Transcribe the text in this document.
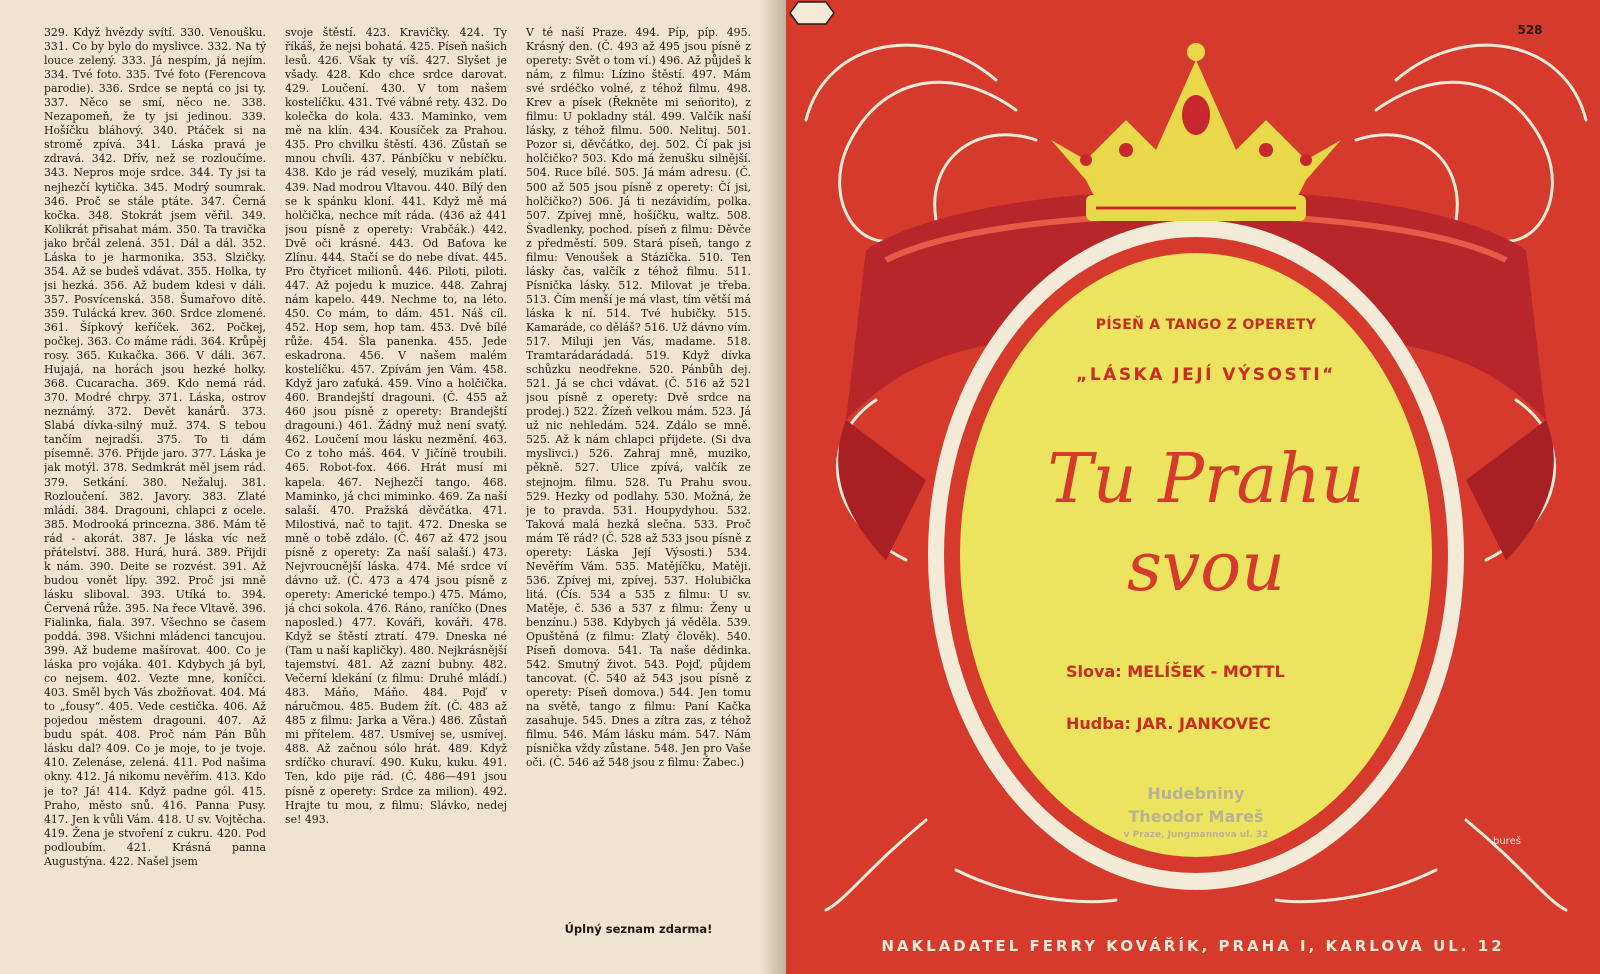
329. Když hvězdy svítí. 330. Venoušku. 331. Co by bylo do myslivce. 332. Na tý louce zelený. 333. Já nespím, já nejím. 334. Tvé foto. 335. Tvé foto (Ferencova parodie). 336. Srdce se neptá co jsi ty. 337. Něco se smí, něco ne. 338. Nezapomeň, že ty jsi jedinou. 339. Hošíčku bláhový. 340. Ptáček si na stromě zpívá. 341. Láska pravá je zdravá. 342. Dřív, než se rozloučíme. 343. Nepros moje srdce. 344. Ty jsi ta nejhezčí kytička. 345. Modrý soumrak. 346. Proč se stále ptáte. 347. Černá kočka. 348. Stokrát jsem věřil. 349. Kolikrát přisahat mám. 350. Ta travička jako brčál zelená. 351. Dál a dál. 352. Láska to je harmonika. 353. Slzičky. 354. Až se budeš vdávat. 355. Holka, ty jsi hezká. 356. Až budem kdesi v dáli. 357. Posvícenská. 358. Šumařovo dítě. 359. Tulácká krev. 360. Srdce zlomené. 361. Šípkový keříček. 362. Počkej, počkej. 363. Co máme rádi. 364. Krůpěj rosy. 365. Kukačka. 366. V dáli. 367. Hujajá, na horách jsou hezké holky. 368. Cucaracha. 369. Kdo nemá rád. 370. Modré chrpy. 371. Láska, ostrov neznámý. 372. Devět kanárů. 373. Slabá dívka-silný muž. 374. S tebou tančím nejradši. 375. To ti dám písemně. 376. Přijde jaro. 377. Láska je jak motýl. 378. Sedmkrát měl jsem rád. 379. Setkání. 380. Nežaluj. 381. Rozloučení. 382. Javory. 383. Zlaté mládí. 384. Dragouni, chlapci z ocele. 385. Modrooká princezna. 386. Mám tě rád - akorát. 387. Je láska víc než přátelství. 388. Hurá, hurá. 389. Přijdi k nám. 390. Deite se rozvést. 391. Až budou vonět lípy. 392. Proč jsi mně lásku sliboval. 393. Utíká to. 394. Červená růže. 395. Na řece Vltavě. 396. Fialinka, fiala. 397. Všechno se časem poddá. 398. Všichni mládenci tancujou. 399. Až budeme mašírovat. 400. Co je láska pro vojáka. 401. Kdybych já byl, co nejsem. 402. Vezte mne, koníčci. 403. Směl bych Vás zbožňovat. 404. Má to „fousy“. 405. Vede cestička. 406. Až pojedou městem dragouni. 407. Až budu spát. 408. Proč nám Pán Bůh lásku dal? 409. Co je moje, to je tvoje. 410. Zelenáse, zelená. 411. Pod našima okny. 412. Já nikomu nevěřím. 413. Kdo je to? Já! 414. Když padne gól. 415. Praho, město snů. 416. Panna Pusy. 417. Jen k vůli Vám. 418. U sv. Vojtěcha. 419. Žena je stvoření z cukru. 420. Pod podloubím. 421. Krásná panna Augustýna. 422. Našel jsem
svoje štěstí. 423. Kravičky. 424. Ty říkáš, že nejsi bohatá. 425. Píseň našich lesů. 426. Však ty víš. 427. Slyšet je všady. 428. Kdo chce srdce darovat. 429. Loučení. 430. V tom našem kostelíčku. 431. Tvé vábné rety. 432. Do kolečka do kola. 433. Maminko, vem mě na klín. 434. Kousíček za Prahou. 435. Pro chvilku štěstí. 436. Zůstaň se mnou chvíli. 437. Pánbíčku v nebíčku. 438. Kdo je rád veselý, muzikám platí. 439. Nad modrou Vltavou. 440. Bílý den se k spánku kloní. 441. Když mě má holčička, nechce mít ráda. (436 až 441 jsou písně z operety: Vrabčák.) 442. Dvě oči krásné. 443. Od Baťova ke Zlínu. 444. Stačí se do nebe dívat. 445. Pro čtyřicet milionů. 446. Piloti, piloti. 447. Až pojedu k muzice. 448. Zahraj nám kapelo. 449. Nechme to, na léto. 450. Co mám, to dám. 451. Náš cíl. 452. Hop sem, hop tam. 453. Dvě bílé růže. 454. Šla panenka. 455. Jede eskadrona. 456. V našem malém kostelíčku. 457. Zpívám jen Vám. 458. Když jaro zaťuká. 459. Víno a holčička. 460. Brandejští dragouni. (Č. 455 až 460 jsou písně z operety: Brandejští dragouni.) 461. Žádný muž není svatý. 462. Loučení mou lásku nezmění. 463. Co z toho máš. 464. V Jičíně troubili. 465. Robot-fox. 466. Hrát musí mi kapela. 467. Nejhezčí tango. 468. Maminko, já chci miminko. 469. Za naší salaší. 470. Pražská děvčátka. 471. Milostivá, nač to tajit. 472. Dneska se mně o tobě zdálo. (Č. 467 až 472 jsou písně z operety: Za naší salaší.) 473. Nejvroucnější láska. 474. Mé srdce ví dávno už. (Č. 473 a 474 jsou písně z operety: Americké tempo.) 475. Mámo, já chci sokola. 476. Ráno, raníčko (Dnes naposled.) 477. Kováři, kováři. 478. Když se štěstí ztratí. 479. Dneska né (Tam u naší kapličky). 480. Nejkrásnější tajemství. 481. Až zazní bubny. 482. Večerní klekání (z filmu: Druhé mládí.) 483. Máňo, Máňo. 484. Pojď v náručmou. 485. Budem žít. (Č. 483 až 485 z filmu: Jarka a Věra.) 486. Zůstaň mi přítelem. 487. Usmívej se, usmívej. 488. Až začnou sólo hrát. 489. Když srdíčko churaví. 490. Kuku, kuku. 491. Ten, kdo pije rád. (Č. 486—491 jsou písně z operety: Srdce za milion). 492. Hrajte tu mou, z filmu: Slávko, nedej se! 493.
V té naší Praze. 494. Píp, píp. 495. Krásný den. (Č. 493 až 495 jsou písně z operety: Svět o tom ví.) 496. Až půjdeš k nám, z filmu: Lízino štěstí. 497. Mám své srdéčko volné, z téhož filmu. 498. Krev a písek (Řekněte mi señorito), z filmu: U pokladny stál. 499. Valčík naší lásky, z téhož filmu. 500. Nelituj. 501. Pozor si, děvčátko, dej. 502. Čí pak jsi holčičko? 503. Kdo má ženušku silnější. 504. Ruce bílé. 505. Já mám adresu. (Č. 500 až 505 jsou písně z operety: Čí jsi, holčičko?) 506. Já ti nezávidím, polka. 507. Zpívej mně, hošíčku, waltz. 508. Švadlenky, pochod. píseň z filmu: Děvče z předměstí. 509. Stará píseň, tango z filmu: Venoušek a Stázička. 510. Ten lásky čas, valčík z téhož filmu. 511. Písnička lásky. 512. Milovat je třeba. 513. Čím menší je má vlast, tím větší má láska k ní. 514. Tvé hubičky. 515. Kamaráde, co děláš? 516. Už dávno vím. 517. Miluji jen Vás, madame. 518. Tramtarádarádadá. 519. Když dívka schůzku neodřekne. 520. Pánbůh dej. 521. Já se chci vdávat. (Č. 516 až 521 jsou písně z operety: Dvě srdce na prodej.) 522. Žízeň velkou mám. 523. Já už nic nehledám. 524. Zdálo se mně. 525. Až k nám chlapci přijdete. (Si dva myslivci.) 526. Zahraj mně, muziko, pěkně. 527. Ulice zpívá, valčík ze stejnojm. filmu. 528. Tu Prahu svou. 529. Hezky od podlahy. 530. Možná, že je to pravda. 531. Houpydyhou. 532. Taková malá hezká slečna. 533. Proč mám Tě rád? (Č. 528 až 533 jsou písně z operety: Láska Její Výsosti.) 534. Nevěřím Vám. 535. Matějíčku, Matěji. 536. Zpívej mi, zpívej. 537. Holubička litá. (Čís. 534 a 535 z filmu: U sv. Matěje, č. 536 a 537 z filmu: Ženy u benzínu.) 538. Kdybych já věděla. 539. Opuštěná (z filmu: Zlatý člověk). 540. Píseň domova. 541. Ta naše dědinka. 542. Smutný život. 543. Pojď, půjdem tancovat. (Č. 540 až 543 jsou písně z operety: Píseň domova.) 544. Jen tomu na světě, tango z filmu: Paní Kačka zasahuje. 545. Dnes a zítra zas, z téhož filmu. 546. Mám lásku mám. 547. Nám písnička vždy zůstane. 548. Jen pro Vaše oči. (Č. 546 až 548 jsou z filmu: Žabec.)
Úplný seznam zdarma!
528
PÍSEŇ A TANGO Z OPERETY
„LÁSKA JEJÍ VÝSOSTI“
Tu Prahu
svou
Slova: MELÍŠEK - MOTTL
Hudba: JAR. JANKOVEC
Hudebniny
Theodor Mareš
v Praze, Jungmannova ul. 32
bureš
NAKLADATEL FERRY KOVÁŘÍK, PRAHA I, KARLOVA UL. 12
